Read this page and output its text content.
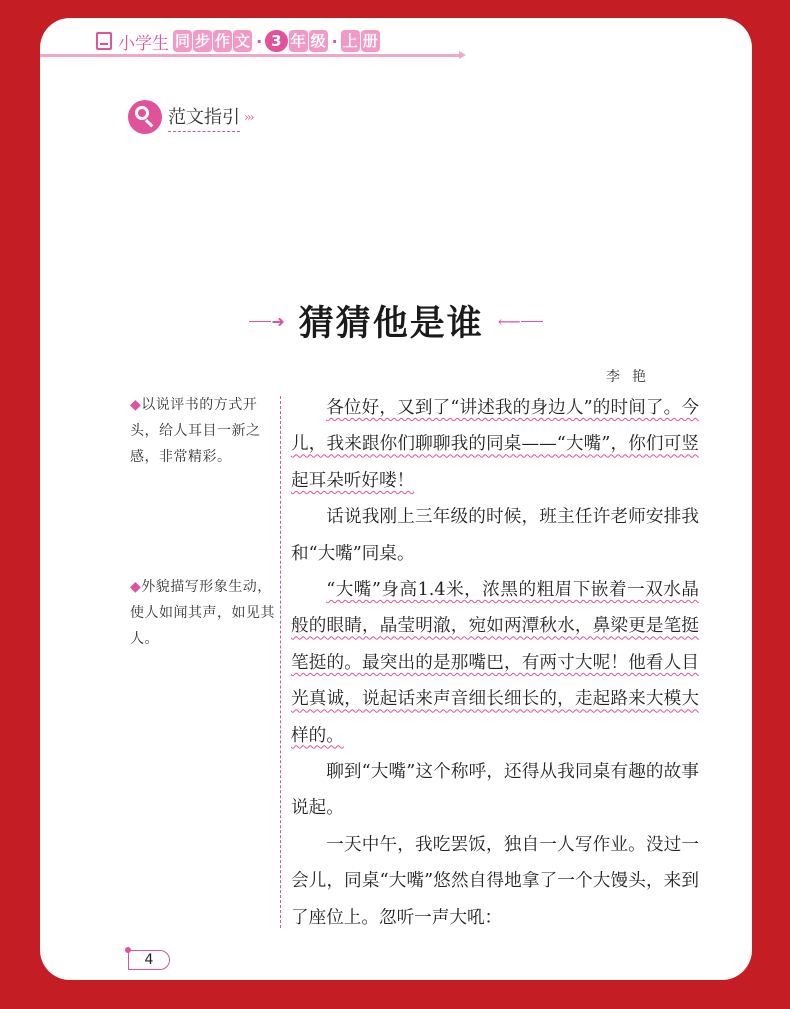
小学生 同 步 作 文 · 3 年 级 · 上 册
范文指引 ›››
➜ 猜猜他是谁 ⟵
李艳
◆以说评书的方式开头，给人耳目一新之感，非常精彩。
◆外貌描写形象生动，使人如闻其声，如见其人。

各位好，又到了“讲述我的身边人”的时间了。今儿，我来跟你们聊聊我的同桌——“大嘴”，你们可竖起耳朵听好喽！

话说我刚上三年级的时候，班主任许老师安排我和“大嘴”同桌。

“大嘴”身高1.4米，浓黑的粗眉下嵌着一双水晶般的眼睛，晶莹明澈，宛如两潭秋水，鼻梁更是笔挺笔挺的。最突出的是那嘴巴，有两寸大呢！他看人目光真诚，说起话来声音细长细长的，走起路来大模大样的。

聊到“大嘴”这个称呼，还得从我同桌有趣的故事说起。

一天中午，我吃罢饭，独自一人写作业。没过一会儿，同桌“大嘴”悠然自得地拿了一个大馒头，来到了座位上。忽听一声大吼：

4
